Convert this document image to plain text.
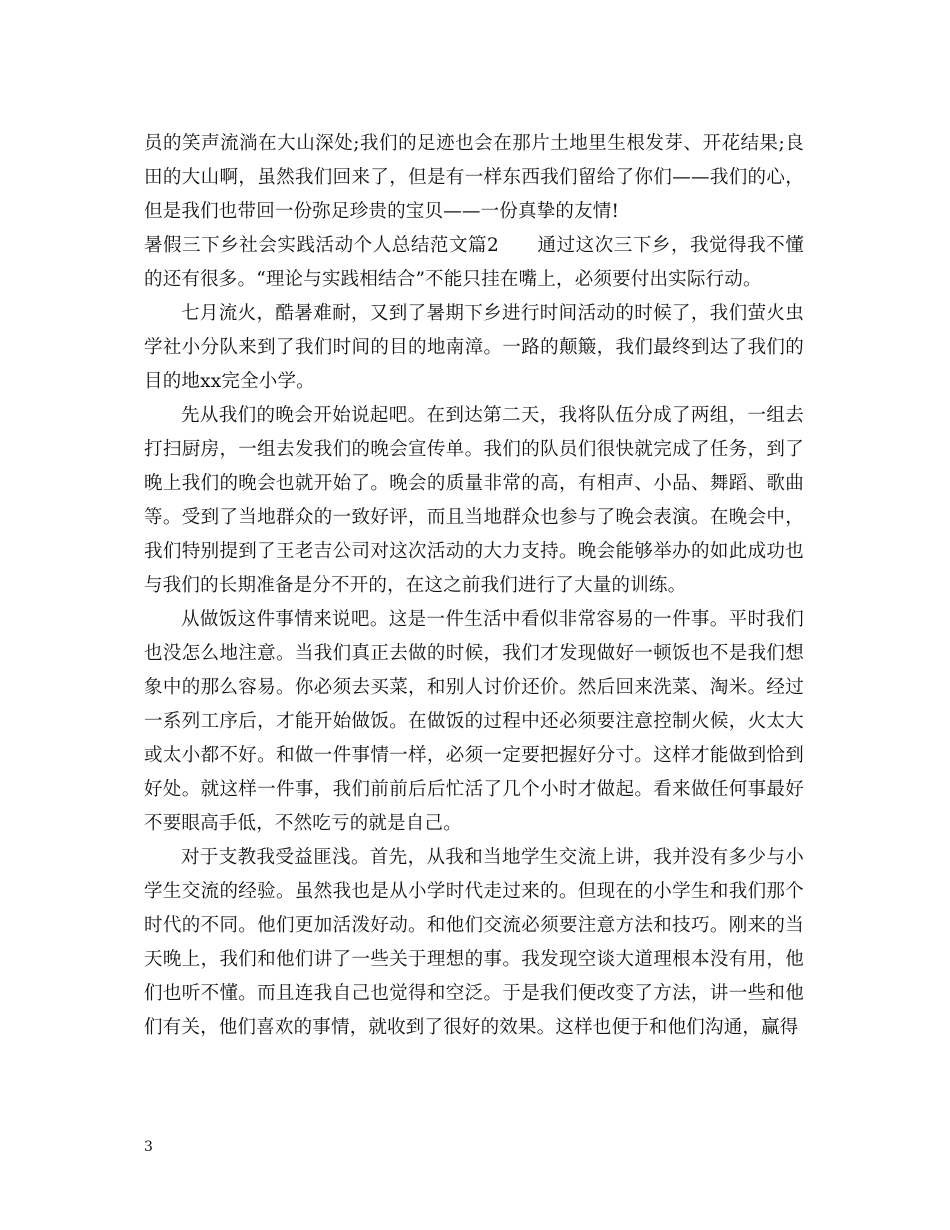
员的笑声流淌在大山深处;我们的足迹也会在那片土地里生根发芽、开花结果;良田的大山啊，虽然我们回来了，但是有一样东西我们留给了你们——我们的心，但是我们也带回一份弥足珍贵的宝贝——一份真挚的友情!

暑假三下乡社会实践活动个人总结范文篇2　　 通过这次三下乡，我觉得我不懂的还有很多。“理论与实践相结合”不能只挂在嘴上，必须要付出实际行动。

七月流火，酷暑难耐，又到了暑期下乡进行时间活动的时候了，我们萤火虫学社小分队来到了我们时间的目的地南漳。一路的颠簸，我们最终到达了我们的目的地xx完全小学。

先从我们的晚会开始说起吧。在到达第二天，我将队伍分成了两组，一组去打扫厨房，一组去发我们的晚会宣传单。我们的队员们很快就完成了任务，到了晚上我们的晚会也就开始了。晚会的质量非常的高，有相声、小品、舞蹈、歌曲等。受到了当地群众的一致好评，而且当地群众也参与了晚会表演。在晚会中，我们特别提到了王老吉公司对这次活动的大力支持。晚会能够举办的如此成功也与我们的长期准备是分不开的，在这之前我们进行了大量的训练。

从做饭这件事情来说吧。这是一件生活中看似非常容易的一件事。平时我们也没怎么地注意。当我们真正去做的时候，我们才发现做好一顿饭也不是我们想象中的那么容易。你必须去买菜，和别人讨价还价。然后回来洗菜、淘米。经过一系列工序后，才能开始做饭。在做饭的过程中还必须要注意控制火候，火太大或太小都不好。和做一件事情一样，必须一定要把握好分寸。这样才能做到恰到好处。就这样一件事，我们前前后后忙活了几个小时才做起。看来做任何事最好不要眼高手低，不然吃亏的就是自己。

对于支教我受益匪浅。首先，从我和当地学生交流上讲，我并没有多少与小学生交流的经验。虽然我也是从小学时代走过来的。但现在的小学生和我们那个时代的不同。他们更加活泼好动。和他们交流必须要注意方法和技巧。刚来的当天晚上，我们和他们讲了一些关于理想的事。我发现空谈大道理根本没有用，他们也听不懂。而且连我自己也觉得和空泛。于是我们便改变了方法，讲一些和他们有关，他们喜欢的事情，就收到了很好的效果。这样也便于和他们沟通，赢得

3
